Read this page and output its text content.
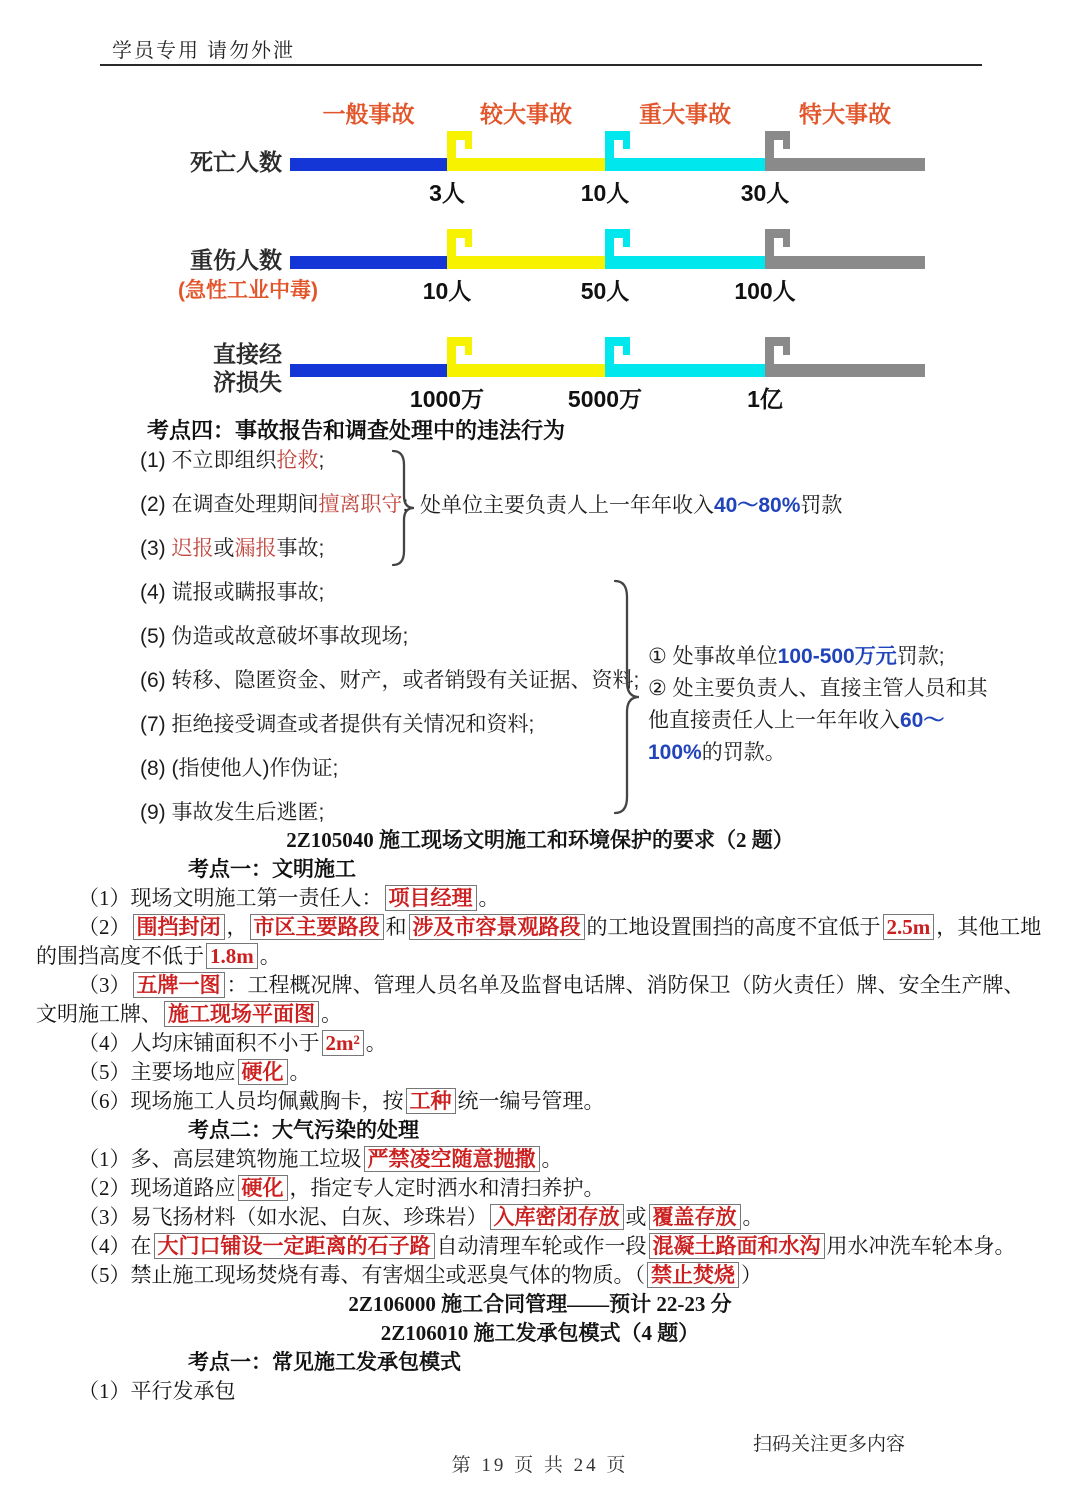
学员专用 请勿外泄
一般事故	较大事故	重大事故	特大事故
死亡人数
3人	10人	30人
重伤人数
(急性工业中毒)	10人	50人	100人
直接经
济损失
1000万	5000万	1亿
考点四：事故报告和调查处理中的违法行为
(1) 不立即组织抢救;
(2) 在调查处理期间擅离职守;
(3) 迟报或漏报事故;
(4) 谎报或瞒报事故;
(5) 伪造或故意破坏事故现场;
(6) 转移、隐匿资金、财产，或者销毁有关证据、资料;
(7) 拒绝接受调查或者提供有关情况和资料;
(8) (指使他人)作伪证;
(9) 事故发生后逃匿;
处单位主要负责人上一年年收入40～80%罚款
① 处事故单位100-500万元罚款;
② 处主要负责人、直接主管人员和其他直接责任人上一年年收入60～100%的罚款。

2Z105040 施工现场文明施工和环境保护的要求（2 题）

考点一：文明施工

（1）现场文明施工第一责任人： 项目经理 。

（2） 围挡封闭 ， 市区主要路段 和 涉及市容景观路段 的工地设置围挡的高度不宜低于 2.5m ，其他工地的围挡高度不低于 1.8m 。

（3） 五牌一图 ：工程概况牌、管理人员名单及监督电话牌、消防保卫（防火责任）牌、安全生产牌、文明施工牌、 施工现场平面图 。

（4）人均床铺面积不小于 2m² 。

（5）主要场地应 硬化 。

（6）现场施工人员均佩戴胸卡，按 工种 统一编号管理。

考点二：大气污染的处理

（1）多、高层建筑物施工垃圾 严禁凌空随意抛撒 。

（2）现场道路应 硬化 ，指定专人定时洒水和清扫养护。

（3）易飞扬材料（如水泥、白灰、珍珠岩） 入库密闭存放 或 覆盖存放 。

（4）在 大门口铺设一定距离的石子路 自动清理车轮或作一段 混凝土路面和水沟 用水冲洗车轮本身。

（5）禁止施工现场焚烧有毒、有害烟尘或恶臭气体的物质。（ 禁止焚烧 ）

2Z106000 施工合同管理——预计 22-23 分

2Z106010 施工发承包模式（4 题）

考点一：常见施工发承包模式

（1）平行发承包

扫码关注更多内容
第 19 页 共 24 页
